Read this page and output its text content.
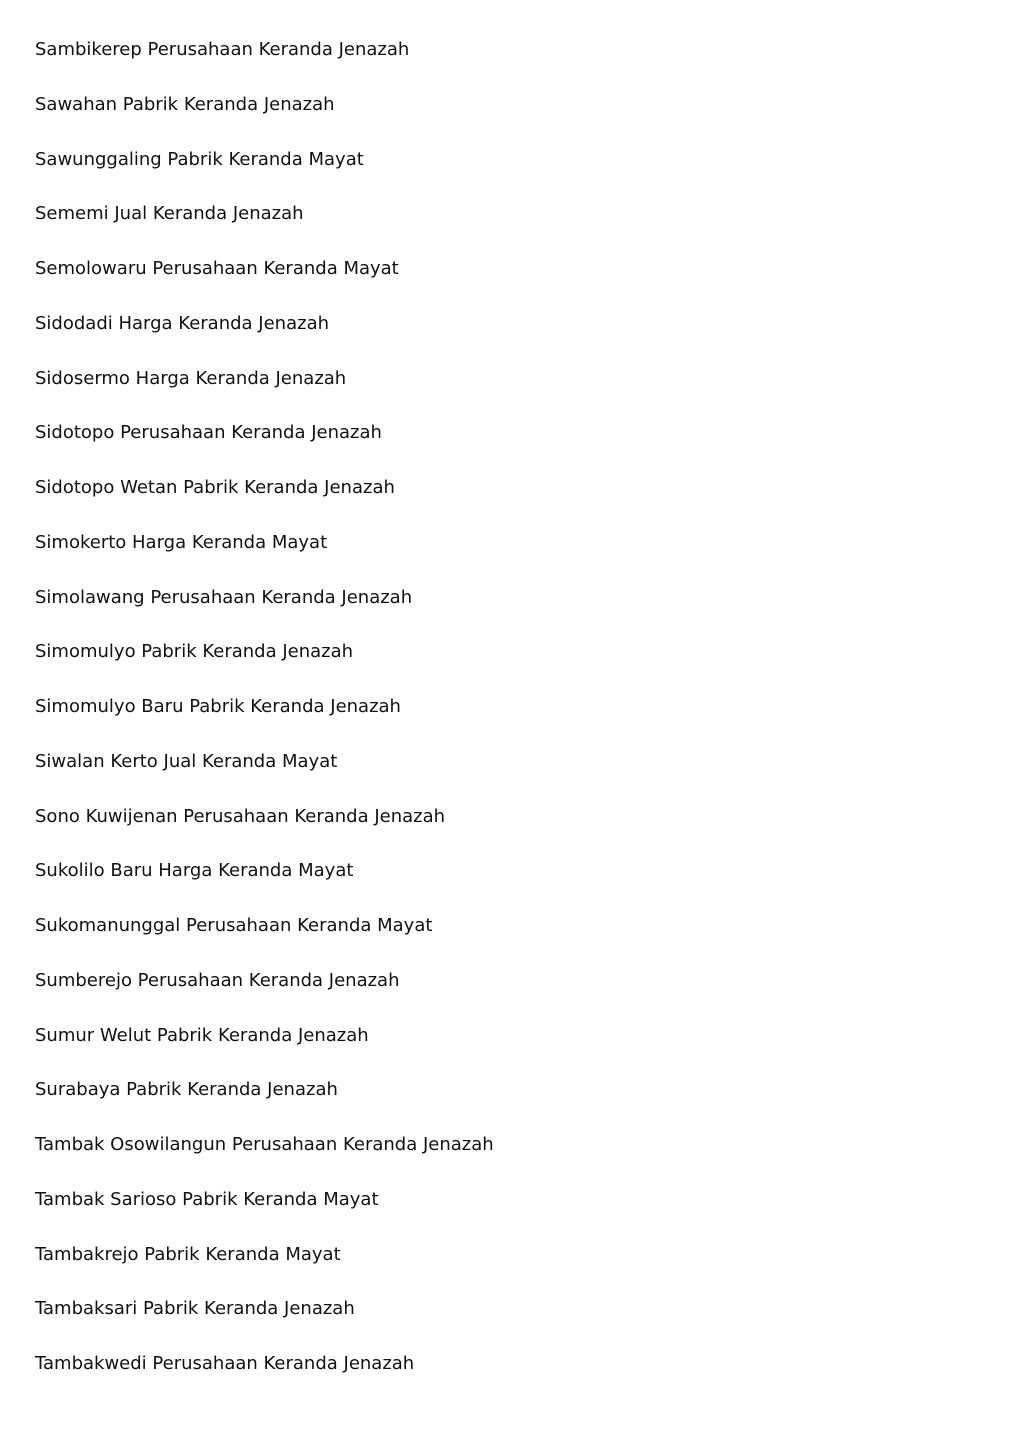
Sambikerep Perusahaan Keranda Jenazah
Sawahan Pabrik Keranda Jenazah
Sawunggaling Pabrik Keranda Mayat
Sememi Jual Keranda Jenazah
Semolowaru Perusahaan Keranda Mayat
Sidodadi Harga Keranda Jenazah
Sidosermo Harga Keranda Jenazah
Sidotopo Perusahaan Keranda Jenazah
Sidotopo Wetan Pabrik Keranda Jenazah
Simokerto Harga Keranda Mayat
Simolawang Perusahaan Keranda Jenazah
Simomulyo Pabrik Keranda Jenazah
Simomulyo Baru Pabrik Keranda Jenazah
Siwalan Kerto Jual Keranda Mayat
Sono Kuwijenan Perusahaan Keranda Jenazah
Sukolilo Baru Harga Keranda Mayat
Sukomanunggal Perusahaan Keranda Mayat
Sumberejo Perusahaan Keranda Jenazah
Sumur Welut Pabrik Keranda Jenazah
Surabaya Pabrik Keranda Jenazah
Tambak Osowilangun Perusahaan Keranda Jenazah
Tambak Sarioso Pabrik Keranda Mayat
Tambakrejo Pabrik Keranda Mayat
Tambaksari Pabrik Keranda Jenazah
Tambakwedi Perusahaan Keranda Jenazah
